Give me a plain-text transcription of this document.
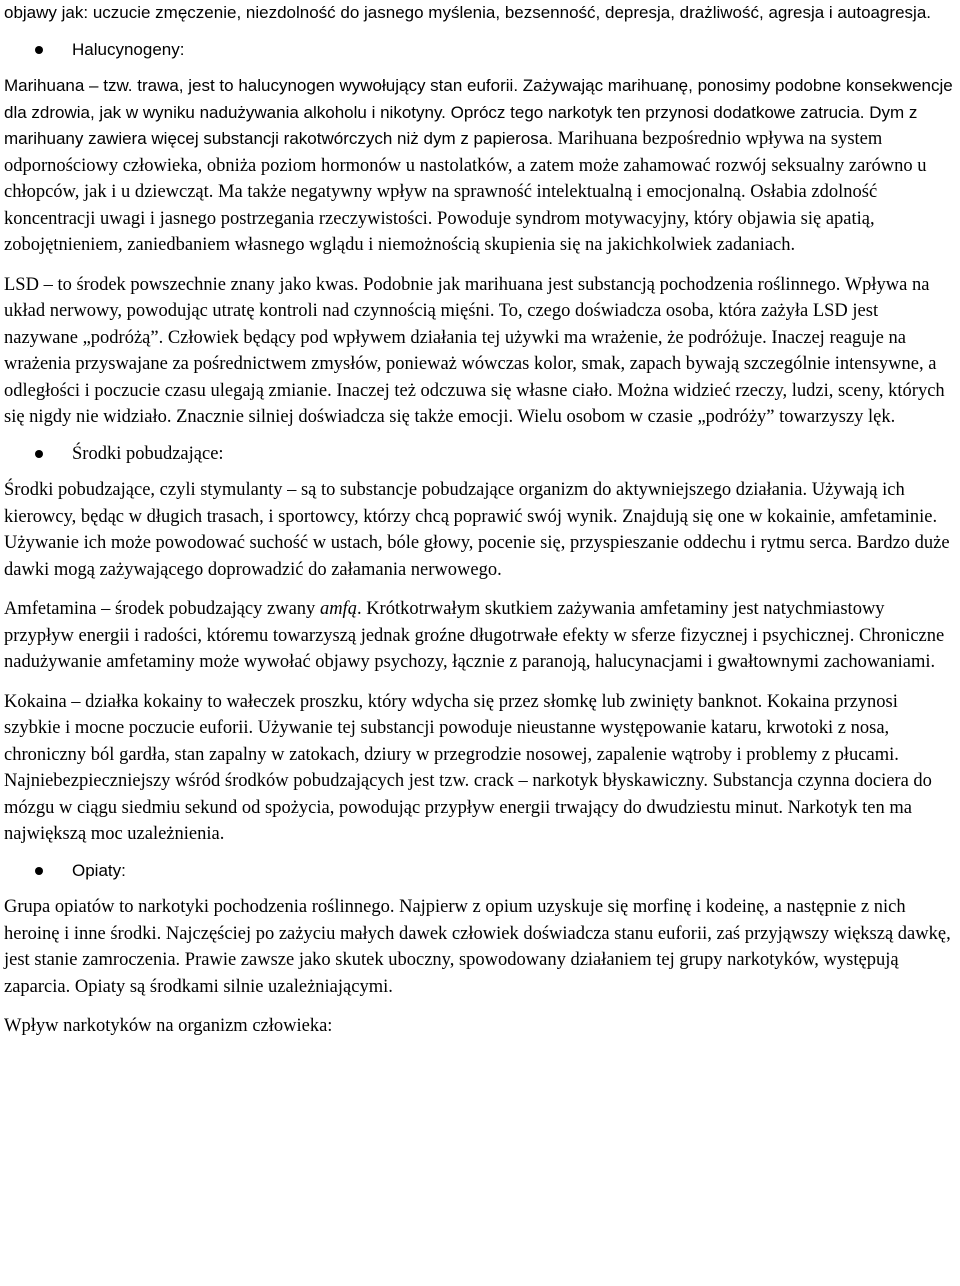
objawy jak: uczucie zmęczenie, niezdolność do jasnego myślenia, bezsenność, depresja, drażliwość, agresja i autoagresja.

Halucynogeny:

Marihuana – tzw. trawa, jest to halucynogen wywołujący stan euforii. Zażywając marihuanę, ponosimy podobne konsekwencje dla zdrowia, jak w wyniku nadużywania alkoholu i nikotyny. Oprócz tego narkotyk ten przynosi dodatkowe zatrucia. Dym z marihuany zawiera więcej substancji rakotwórczych niż dym z papierosa. Marihuana bezpośrednio wpływa na system odpornościowy człowieka, obniża poziom hormonów u nastolatków, a zatem może zahamować rozwój seksualny zarówno u chłopców, jak i u dziewcząt. Ma także negatywny wpływ na sprawność intelektualną i emocjonalną. Osłabia zdolność koncentracji uwagi i jasnego postrzegania rzeczywistości. Powoduje syndrom motywacyjny, który objawia się apatią, zobojętnieniem, zaniedbaniem własnego wglądu i niemożnością skupienia się na jakichkolwiek zadaniach.

LSD – to środek powszechnie znany jako kwas. Podobnie jak marihuana jest substancją pochodzenia roślinnego. Wpływa na układ nerwowy, powodując utratę kontroli nad czynnością mięśni. To, czego doświadcza osoba, która zażyła LSD jest nazywane „podróżą”. Człowiek będący pod wpływem działania tej używki ma wrażenie, że podróżuje. Inaczej reaguje na wrażenia przyswajane za pośrednictwem zmysłów, ponieważ wówczas kolor, smak, zapach bywają szczególnie intensywne, a odległości i poczucie czasu ulegają zmianie. Inaczej też odczuwa się własne ciało. Można widzieć rzeczy, ludzi, sceny, których się nigdy nie widziało. Znacznie silniej doświadcza się także emocji. Wielu osobom w czasie „podróży” towarzyszy lęk.

Środki pobudzające:

Środki pobudzające, czyli stymulanty – są to substancje pobudzające organizm do aktywniejszego działania. Używają ich kierowcy, będąc w długich trasach, i sportowcy, którzy chcą poprawić swój wynik. Znajdują się one w kokainie, amfetaminie. Używanie ich może powodować suchość w ustach, bóle głowy, pocenie się, przyspieszanie oddechu i rytmu serca. Bardzo duże dawki mogą zażywającego doprowadzić do załamania nerwowego.

Amfetamina – środek pobudzający zwany amfą. Krótkotrwałym skutkiem zażywania amfetaminy jest natychmiastowy przypływ energii i radości, któremu towarzyszą jednak groźne długotrwałe efekty w sferze fizycznej i psychicznej. Chroniczne nadużywanie amfetaminy może wywołać objawy psychozy, łącznie z paranoją, halucynacjami i gwałtownymi zachowaniami.

Kokaina – działka kokainy to wałeczek proszku, który wdycha się przez słomkę lub zwinięty banknot. Kokaina przynosi szybkie i mocne poczucie euforii. Używanie tej substancji powoduje nieustanne występowanie kataru, krwotoki z nosa, chroniczny ból gardła, stan zapalny w zatokach, dziury w przegrodzie nosowej, zapalenie wątroby i problemy z płucami. Najniebezpieczniejszy wśród środków pobudzających jest tzw. crack – narkotyk błyskawiczny. Substancja czynna dociera do mózgu w ciągu siedmiu sekund od spożycia, powodując przypływ energii trwający do dwudziestu minut. Narkotyk ten ma największą moc uzależnienia.

Opiaty:

Grupa opiatów to narkotyki pochodzenia roślinnego. Najpierw z opium uzyskuje się morfinę i kodeinę, a następnie z nich heroinę i inne środki. Najczęściej po zażyciu małych dawek człowiek doświadcza stanu euforii, zaś przyjąwszy większą dawkę, jest stanie zamroczenia. Prawie zawsze jako skutek uboczny, spowodowany działaniem tej grupy narkotyków, występują zaparcia. Opiaty są środkami silnie uzależniającymi.

Wpływ narkotyków na organizm człowieka:
